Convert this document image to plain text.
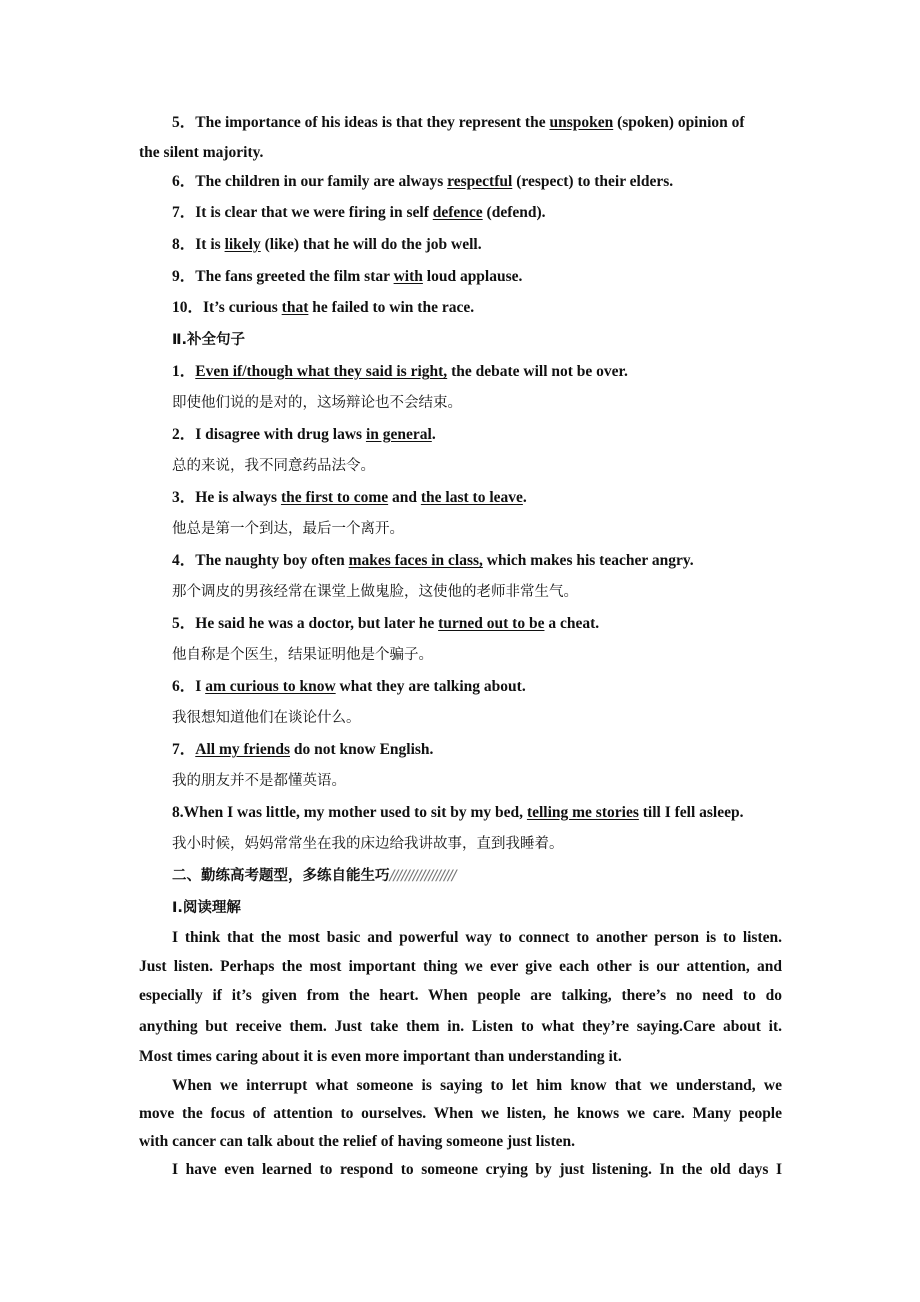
5．The importance of his ideas is that they represent the unspoken (spoken) opinion of
the silent majority.
6．The children in our family are always respectful (respect) to their elders.
7．It is clear that we were firing in self defence (defend).
8．It is likely (like) that he will do the job well.
9．The fans greeted the film star with loud applause.
10．It’s curious that he failed to win the race.
Ⅱ.补全句子
1．Even if/though what they said is right, the debate will not be over.
即使他们说的是对的，这场辩论也不会结束。
2．I disagree with drug laws in general.
总的来说，我不同意药品法令。
3．He is always the first to come and the last to leave.
他总是第一个到达，最后一个离开。
4．The naughty boy often makes faces in class, which makes his teacher angry.
那个调皮的男孩经常在课堂上做鬼脸，这使他的老师非常生气。
5．He said he was a doctor, but later he turned out to be a cheat.
他自称是个医生，结果证明他是个骗子。
6．I am curious to know what they are talking about.
我很想知道他们在谈论什么。
7．All my friends do not know English.
我的朋友并不是都懂英语。
8.When I was little, my mother used to sit by my bed, telling me stories till I fell asleep.
我小时候，妈妈常常坐在我的床边给我讲故事，直到我睡着。
二、勤练高考题型，多练自能生巧/////////////////
Ⅰ.阅读理解
I think that the most basic and powerful way to connect to another person is to listen.
Just listen. Perhaps the most important thing we ever give each other is our attention, and
especially if it’s given from the heart. When people are talking, there’s no need to do
anything but receive them. Just take them in. Listen to what they’re saying.Care about it.
Most times caring about it is even more important than understanding it.
When we interrupt what someone is saying to let him know that we understand, we
move the focus of attention to ourselves. When we listen, he knows we care. Many people
with cancer can talk about the relief of having someone just listen.
I have even learned to respond to someone crying by just listening. In the old days I
